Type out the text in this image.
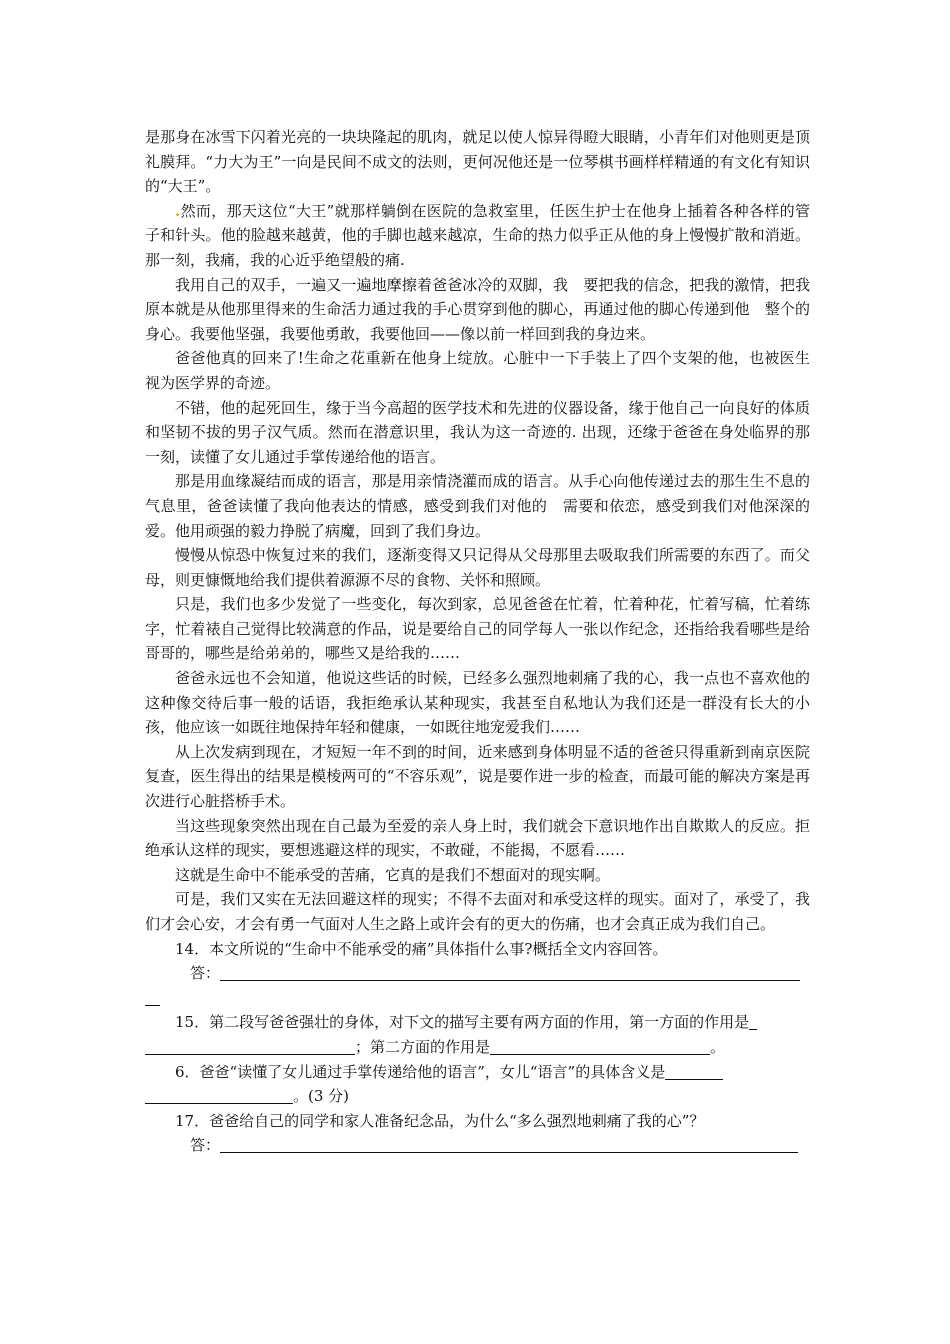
是那身在冰雪下闪着光亮的一块块隆起的肌肉，就足以使人惊异得瞪大眼睛，小青年们对他则更是顶礼膜拜。“力大为王”一向是民间不成文的法则，更何况他还是一位琴棋书画样样精通的有文化有知识的“大王”。

.然而，那天这位“大王”就那样躺倒在医院的急救室里，任医生护士在他身上插着各种各样的管子和针头。他的脸越来越黄，他的手脚也越来越凉，生命的热力似乎正从他的身上慢慢扩散和消逝。那一刻，我痛，我的心近乎绝望般的痛.

我用自己的双手，一遍又一遍地摩擦着爸爸冰冷的双脚，我　要把我的信念，把我的激情，把我原本就是从他那里得来的生命活力通过我的手心贯穿到他的脚心，再通过他的脚心传递到他　整个的身心。我要他坚强，我要他勇敢，我要他回——像以前一样回到我的身边来。

爸爸他真的回来了!生命之花重新在他身上绽放。心脏中一下手装上了四个支架的他，也被医生视为医学界的奇迹。

不错，他的起死回生，缘于当今高超的医学技术和先进的仪器设备，缘于他自己一向良好的体质和坚韧不拔的男子汉气质。然而在潜意识里，我认为这一奇迹的. 出现，还缘于爸爸在身处临界的那一刻，读懂了女儿通过手掌传递给他的语言。

那是用血缘凝结而成的语言，那是用亲情浇灌而成的语言。从手心向他传递过去的那生生不息的气息里，爸爸读懂了我向他表达的情感，感受到我们对他的　需要和依恋，感受到我们对他深深的爱。他用顽强的毅力挣脱了病魔，回到了我们身边。

慢慢从惊恐中恢复过来的我们，逐渐变得又只记得从父母那里去吸取我们所需要的东西了。而父母，则更慷慨地给我们提供着源源不尽的食物、关怀和照顾。

只是，我们也多少发觉了一些变化，每次到家，总见爸爸在忙着，忙着种花，忙着写稿，忙着练字，忙着裱自己觉得比较满意的作品，说是要给自己的同学每人一张以作纪念，还指给我看哪些是给哥哥的，哪些是给弟弟的，哪些又是给我的……

爸爸永远也不会知道，他说这些话的时候，已经多么强烈地刺痛了我的心，我一点也不喜欢他的这种像交待后事一般的话语，我拒绝承认某种现实，我甚至自私地认为我们还是一群没有长大的小孩，他应该一如既往地保持年轻和健康，一如既往地宠爱我们……

从上次发病到现在，才短短一年不到的时间，近来感到身体明显不适的爸爸只得重新到南京医院复查，医生得出的结果是模棱两可的“不容乐观”，说是要作进一步的检查，而最可能的解决方案是再次进行心脏搭桥手术。

当这些现象突然出现在自己最为至爱的亲人身上时，我们就会下意识地作出自欺欺人的反应。拒绝承认这样的现实，要想逃避这样的现实，不敢碰，不能揭，不愿看……

这就是生命中不能承受的苦痛，它真的是我们不想面对的现实啊。

可是，我们又实在无法回避这样的现实；不得不去面对和承受这样的现实。面对了，承受了，我们才会心安，才会有勇一气面对人生之路上或许会有的更大的伤痛，也才会真正成为我们自己。

14．本文所说的“生命中不能承受的痛”具体指什么事?概括全文内容回答。

答：

15．第二段写爸爸强壮的身体，对下文的描写主要有两方面的作用，第一方面的作用是

；第二方面的作用是	。

6．爸爸“读懂了女儿通过手掌传递给他的语言”，女儿“语言”的具体含义是

。(3 分)

17．爸爸给自己的同学和家人准备纪念品，为什么“多么强烈地刺痛了我的心”？

答：
